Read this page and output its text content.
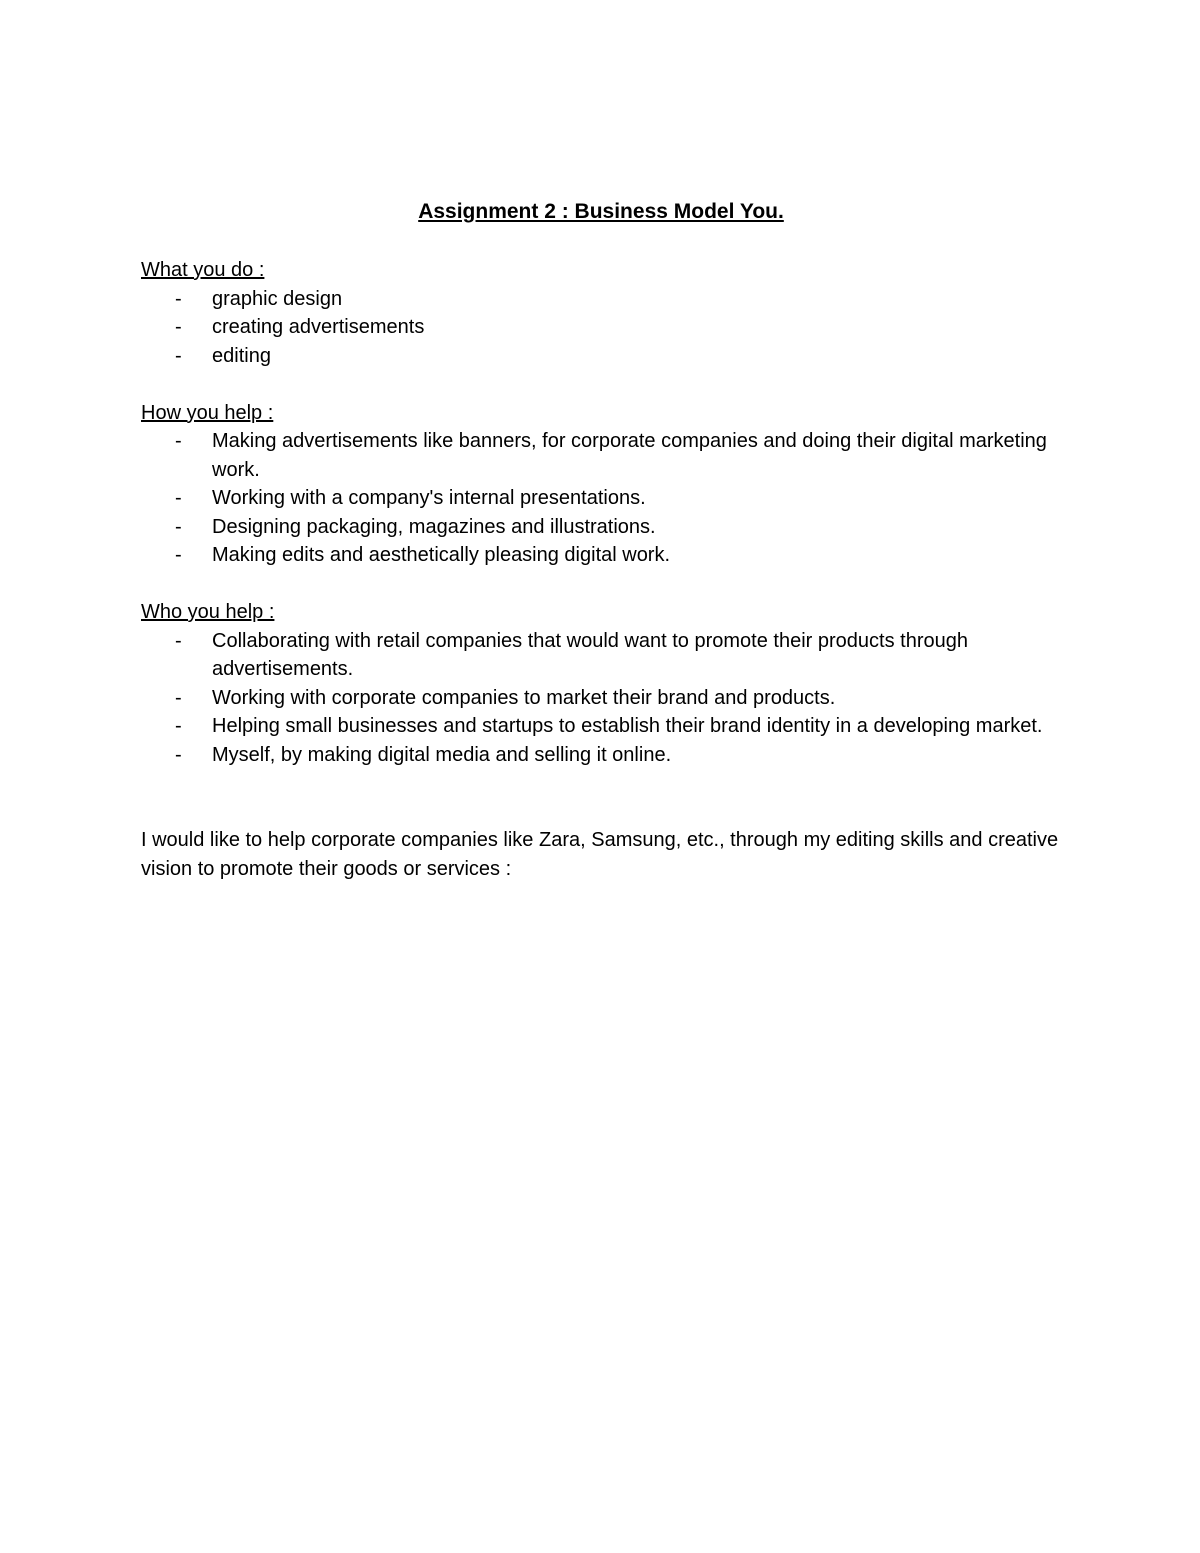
Assignment 2 : Business Model You.
What you do :
- graphic design
- creating advertisements
- editing
How you help :
- Making advertisements like banners, for corporate companies and doing their digital marketing work.
- Working with a company's internal presentations.
- Designing packaging, magazines and illustrations.
- Making edits and aesthetically pleasing digital work.
Who you help :
- Collaborating with retail companies that would want to promote their products through advertisements.
- Working with corporate companies to market their brand and products.
- Helping small businesses and startups to establish their brand identity in a developing market.
- Myself, by making digital media and selling it online.

I would like to help corporate companies like Zara, Samsung, etc., through my editing skills and creative vision to promote their goods or services :
